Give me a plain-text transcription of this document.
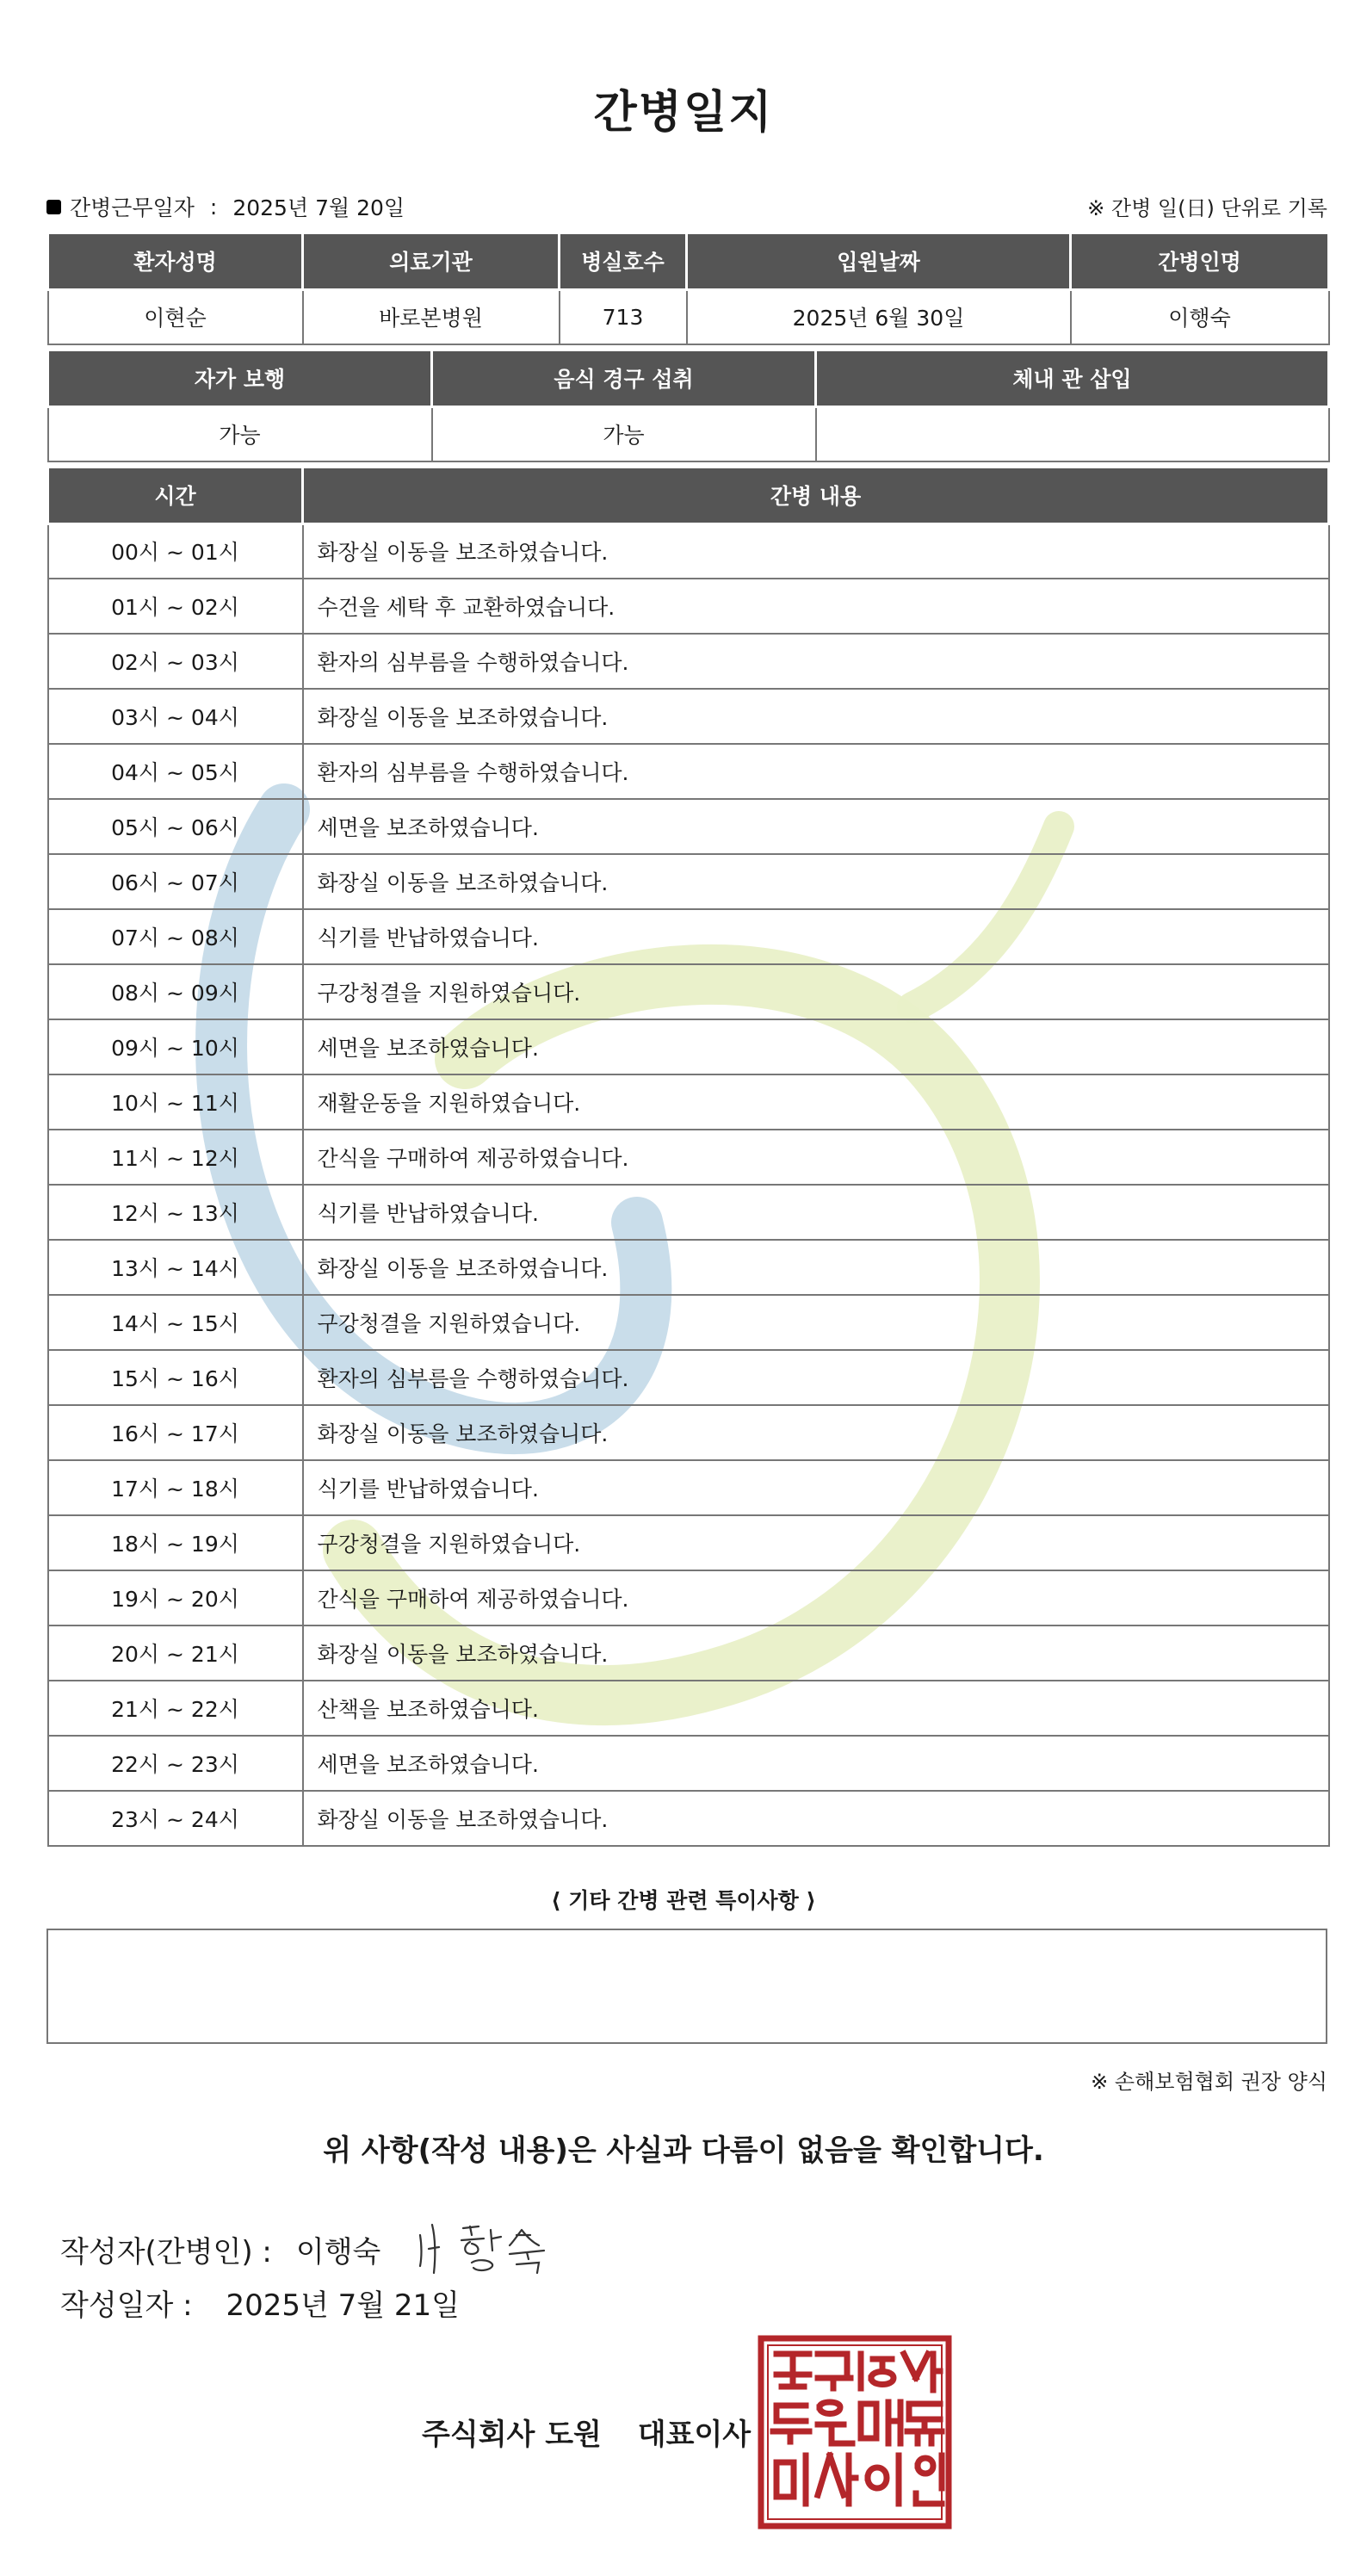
간병일지
간병근무일자 : 2025년 7월 20일	※ 간병 일(日) 단위로 기록
환자성명	의료기관	병실호수	입원날짜	간병인명
이현순	바로본병원	713	2025년 6월 30일	이행숙
자가 보행	음식 경구 섭취	체내 관 삽입
가능	가능	
시간	간병 내용
00시 ~ 01시	화장실 이동을 보조하였습니다.
01시 ~ 02시	수건을 세탁 후 교환하였습니다.
02시 ~ 03시	환자의 심부름을 수행하였습니다.
03시 ~ 04시	화장실 이동을 보조하였습니다.
04시 ~ 05시	환자의 심부름을 수행하였습니다.
05시 ~ 06시	세면을 보조하였습니다.
06시 ~ 07시	화장실 이동을 보조하였습니다.
07시 ~ 08시	식기를 반납하였습니다.
08시 ~ 09시	구강청결을 지원하였습니다.
09시 ~ 10시	세면을 보조하였습니다.
10시 ~ 11시	재활운동을 지원하였습니다.
11시 ~ 12시	간식을 구매하여 제공하였습니다.
12시 ~ 13시	식기를 반납하였습니다.
13시 ~ 14시	화장실 이동을 보조하였습니다.
14시 ~ 15시	구강청결을 지원하였습니다.
15시 ~ 16시	환자의 심부름을 수행하였습니다.
16시 ~ 17시	화장실 이동을 보조하였습니다.
17시 ~ 18시	식기를 반납하였습니다.
18시 ~ 19시	구강청결을 지원하였습니다.
19시 ~ 20시	간식을 구매하여 제공하였습니다.
20시 ~ 21시	화장실 이동을 보조하였습니다.
21시 ~ 22시	산책을 보조하였습니다.
22시 ~ 23시	세면을 보조하였습니다.
23시 ~ 24시	화장실 이동을 보조하였습니다.
⟨ 기타 간병 관련 특이사항 ⟩
※ 손해보험협회 권장 양식
위 사항(작성 내용)은 사실과 다름이 없음을 확인합니다.
작성자(간병인) : 이행숙
작성일자 : 2025년 7월 21일
주식회사 도원 대표이사
